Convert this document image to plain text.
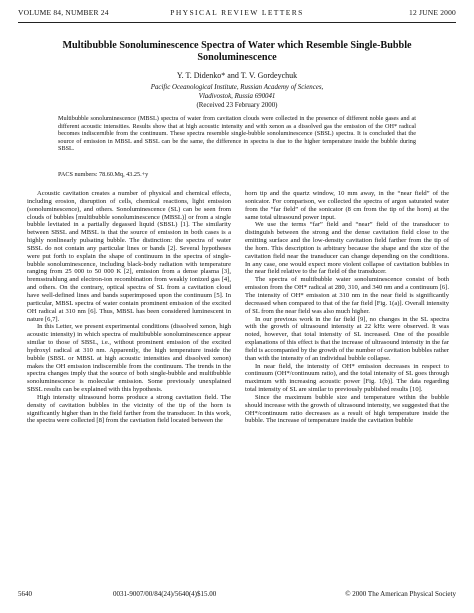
VOLUME 84, NUMBER 24	PHYSICAL REVIEW LETTERS	12 JUNE 2000
Multibubble Sonoluminescence Spectra of Water which Resemble Single-Bubble Sonoluminescence
Y. T. Didenko* and T. V. Gordeychuk
Pacific Oceanological Institute, Russian Academy of Sciences,
Vladivostok, Russia 690041
(Received 23 February 2000)
Multibubble sonoluminescence (MBSL) spectra of water from cavitation clouds were collected in the presence of different noble gases and at different acoustic intensities. Results show that at high acoustic intensity and with xenon as a dissolved gas the emission of the OH* radical becomes indiscernible from the continuum. These spectra resemble single-bubble sonoluminescence (SBSL) spectra. It is concluded that the source of emission in MBSL and SBSL can be the same, the difference in spectra is due to the higher temperature inside the bubble during SBSL.
PACS numbers: 78.60.Mq, 43.25.+y

Acoustic cavitation creates a number of physical and chemical effects, including erosion, disruption of cells, chemical reactions, light emission (sonoluminescence), and others. Sonoluminescence (SL) can be seen from clouds of bubbles [multibubble sonoluminescence (MBSL)] or from a single bubble levitated in a partially degassed liquid (SBSL) [1]. The similarity between SBSL and MBSL is that the source of emission in both cases is a highly nonlinearly pulsating bubble. The distinction: the spectra of water SBSL do not contain any particular lines or bands [2]. Several hypotheses were put forth to explain the shape of continuum in the spectra of single-bubble sonoluminescence, including black-body radiation with temperature ranging from 25 000 to 50 000 K [2], emission from a dense plasma [3], bremsstrahlung and electron-ion recombination from weakly ionized gas [4], and others. On the contrary, optical spectra of SL from a cavitation cloud have well-defined lines and bands superimposed upon the continuum [5]. In particular, MBSL spectra of water contain prominent emission of the excited OH radical at 310 nm [6]. Thus, MBSL has been considered luminescent in nature [6,7].

In this Letter, we present experimental conditions (dissolved xenon, high acoustic intensity) in which spectra of multibubble sonoluminescence appear similar to those of SBSL, i.e., without prominent emission of the excited hydroxyl radical at 310 nm. Apparently, the high temperature inside the bubble (SBSL or MBSL at high acoustic intensities and dissolved xenon) makes the OH emission indiscernible from the continuum. The trends in the spectra changes imply that the source of both single-bubble and multibubble sonoluminescence is molecular emission. Some previously unexplained SBSL results can be explained with this hypothesis.

High intensity ultrasound horns produce a strong cavitation field. The density of cavitation bubbles in the vicinity of the tip of the horn is significantly higher than in the field farther from the transducer. In this work, the spectra were collected [8] from the cavitation field located between the

horn tip and the quartz window, 10 mm away, in the “near field” of the sonicator. For comparison, we collected the spectra of argon saturated water from the “far field” of the sonicator (8 cm from the tip of the horn) at the same total ultrasound power input.

We use the terms “far” field and “near” field of the transducer to distinguish between the strong and the dense cavitation field close to the emitting surface and the low-density cavitation field farther from the tip of the horn. This description is arbitrary because the shape and the size of the cavitation field near the transducer can change depending on the conditions. In any case, one would expect more violent collapse of cavitation bubbles in the near field relative to the far field of the transducer.

The spectra of multibubble water sonoluminescence consist of both emission from the OH* radical at 280, 310, and 340 nm and a continuum [6]. The intensity of OH* emission at 310 nm in the near field is significantly decreased when compared to that of the far field [Fig. 1(a)]. Overall intensity of SL from the near field was also much higher.

In our previous work in the far field [9], no changes in the SL spectra with the growth of ultrasound intensity at 22 kHz were observed. It was noted, however, that total intensity of SL increased. One of the possible explanations of this effect is that the increase of ultrasound intensity in the far field is accompanied by the growth of the number of cavitation bubbles rather than with the intensity of an individual bubble collapse.

In near field, the intensity of OH* emission decreases in respect to continuum (OH*/continuum ratio), and the total intensity of SL goes through maximum with increasing acoustic power [Fig. 1(b)]. The data regarding total intensity of SL are similar to previously published results [10].

Since the maximum bubble size and temperature within the bubble should increase with the growth of ultrasound intensity, we suggested that the OH*/continuum ratio decreases as a result of high temperature inside the bubble. The increase of temperature inside the cavitation bubble

5640	0031-9007/00/84(24)/5640(4)$15.00	© 2000 The American Physical Society
